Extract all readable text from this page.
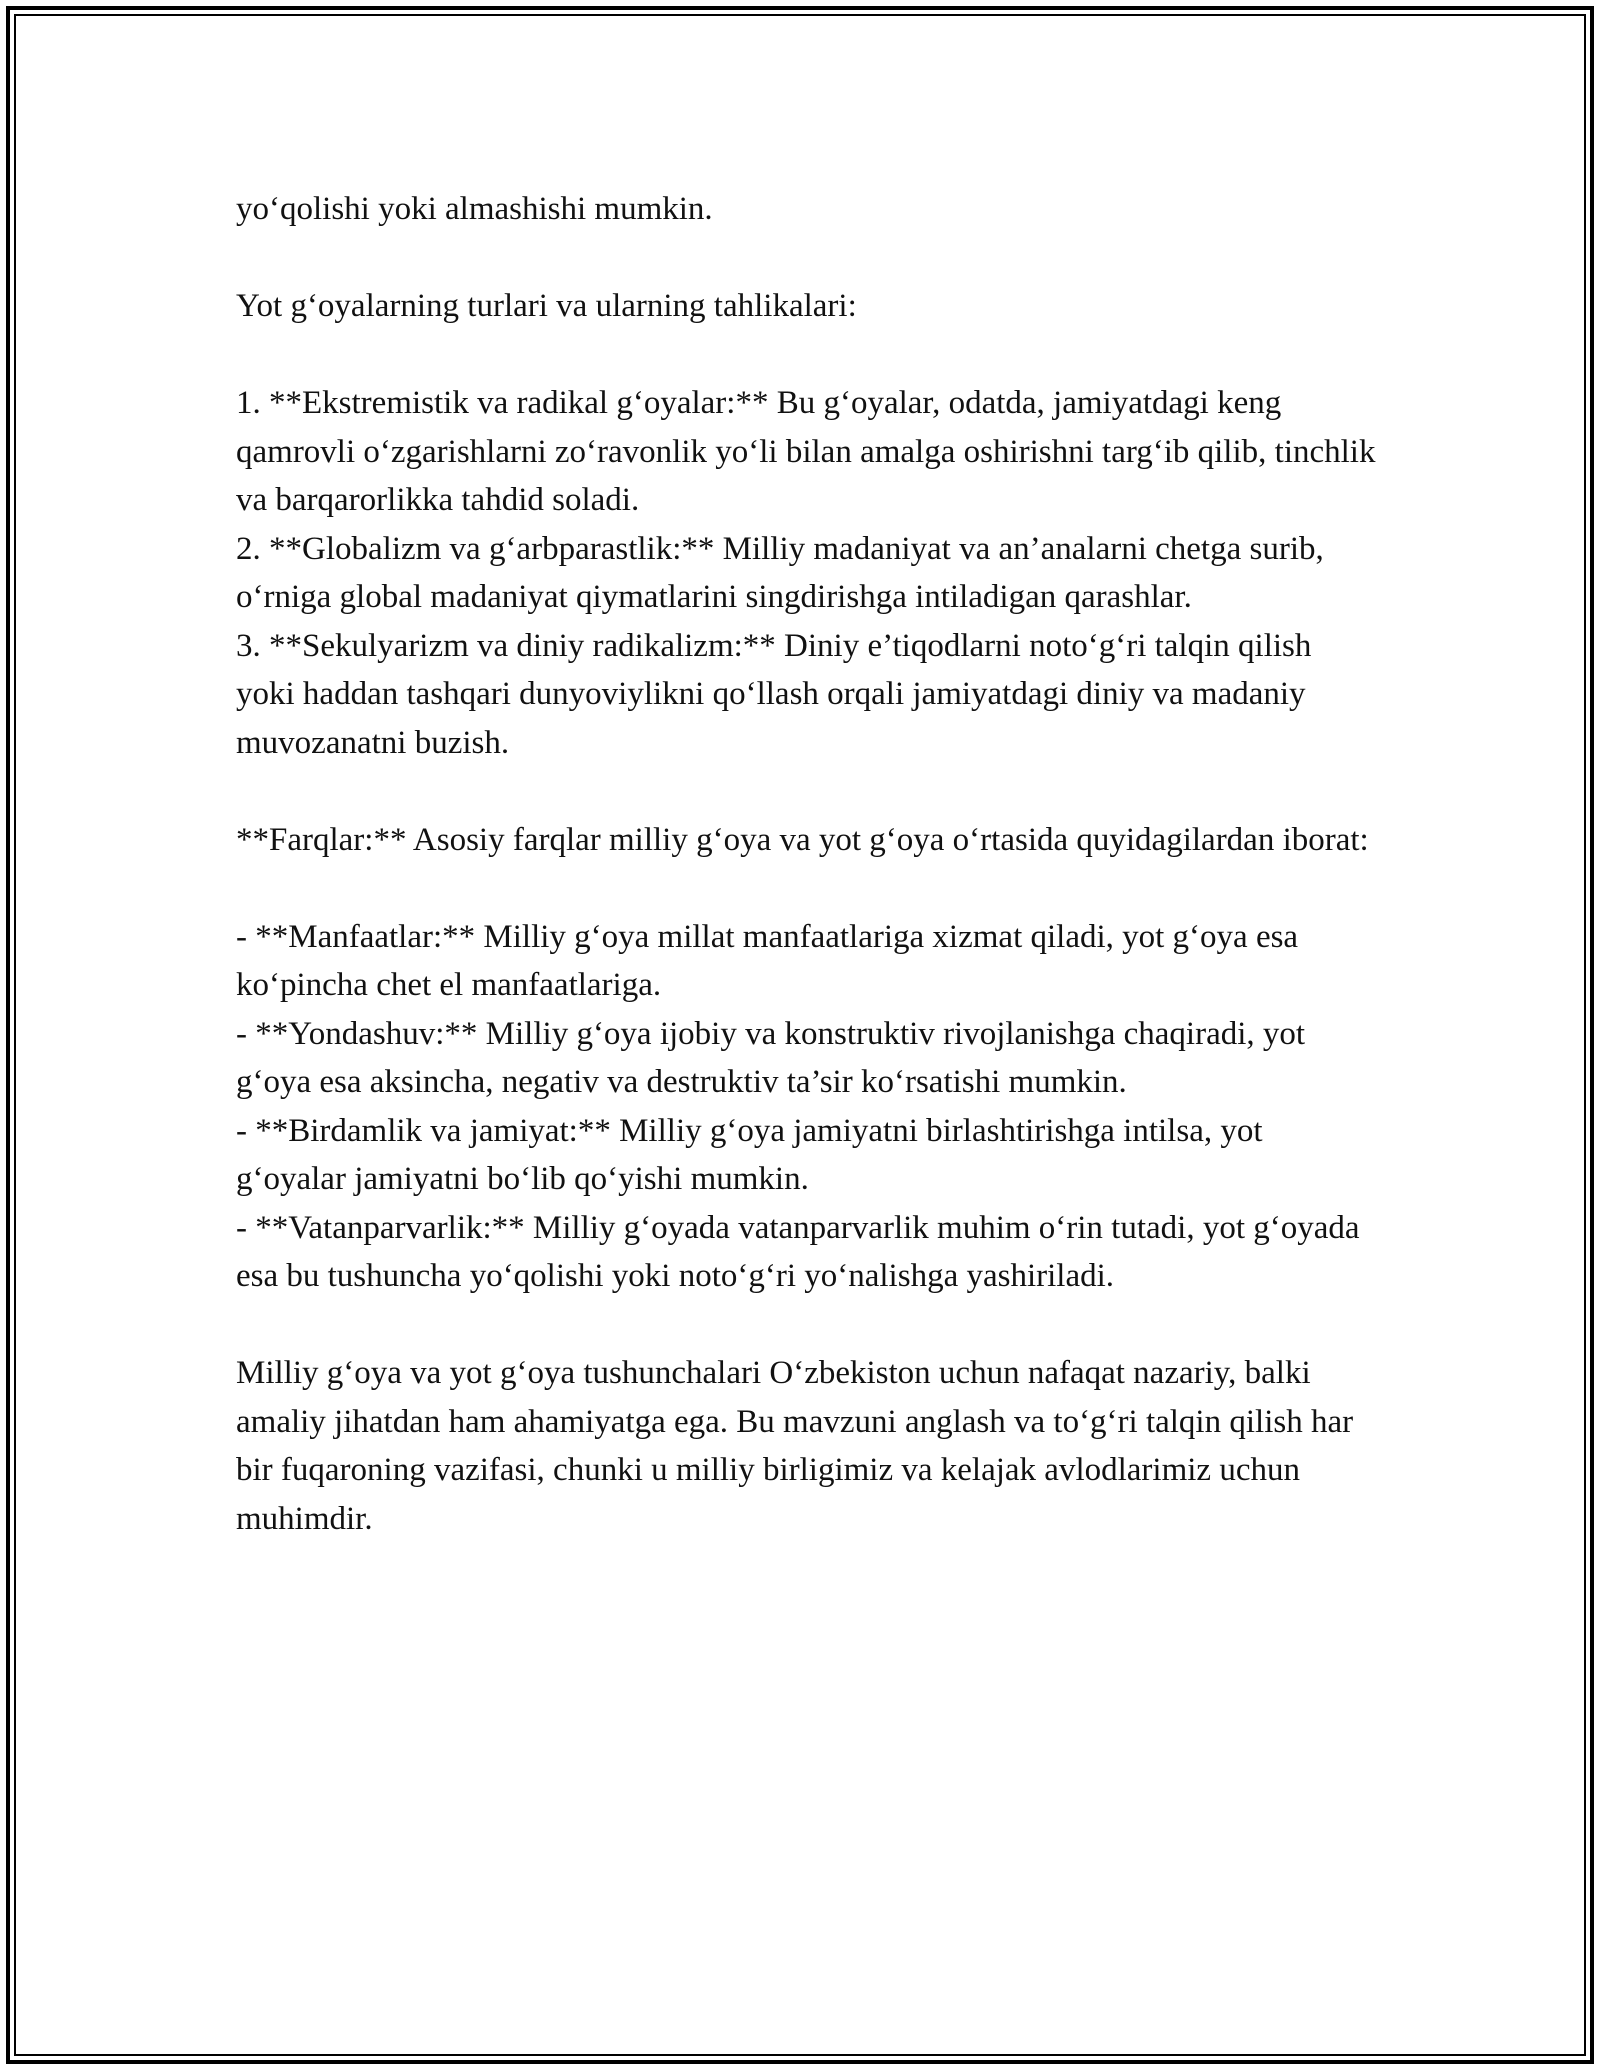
yo‘qolishi yoki almashishi mumkin.

Yot g‘oyalarning turlari va ularning tahlikalari:

1. **Ekstremistik va radikal g‘oyalar:** Bu g‘oyalar, odatda, jamiyatdagi keng qamrovli o‘zgarishlarni zo‘ravonlik yo‘li bilan amalga oshirishni targ‘ib qilib, tinchlik va barqarorlikka tahdid soladi.

2. **Globalizm va g‘arbparastlik:** Milliy madaniyat va an’analarni chetga surib, o‘rniga global madaniyat qiymatlarini singdirishga intiladigan qarashlar.

3. **Sekulyarizm va diniy radikalizm:** Diniy e’tiqodlarni noto‘g‘ri talqin qilish yoki haddan tashqari dunyoviylikni qo‘llash orqali jamiyatdagi diniy va madaniy muvozanatni buzish.

**Farqlar:** Asosiy farqlar milliy g‘oya va yot g‘oya o‘rtasida quyidagilardan iborat:

- **Manfaatlar:** Milliy g‘oya millat manfaatlariga xizmat qiladi, yot g‘oya esa ko‘pincha chet el manfaatlariga.

- **Yondashuv:** Milliy g‘oya ijobiy va konstruktiv rivojlanishga chaqiradi, yot g‘oya esa aksincha, negativ va destruktiv ta’sir ko‘rsatishi mumkin.

- **Birdamlik va jamiyat:** Milliy g‘oya jamiyatni birlashtirishga intilsa, yot g‘oyalar jamiyatni bo‘lib qo‘yishi mumkin.

- **Vatanparvarlik:** Milliy g‘oyada vatanparvarlik muhim o‘rin tutadi, yot g‘oyada esa bu tushuncha yo‘qolishi yoki noto‘g‘ri yo‘nalishga yashiriladi.

Milliy g‘oya va yot g‘oya tushunchalari O‘zbekiston uchun nafaqat nazariy, balki amaliy jihatdan ham ahamiyatga ega. Bu mavzuni anglash va to‘g‘ri talqin qilish har bir fuqaroning vazifasi, chunki u milliy birligimiz va kelajak avlodlarimiz uchun muhimdir.
